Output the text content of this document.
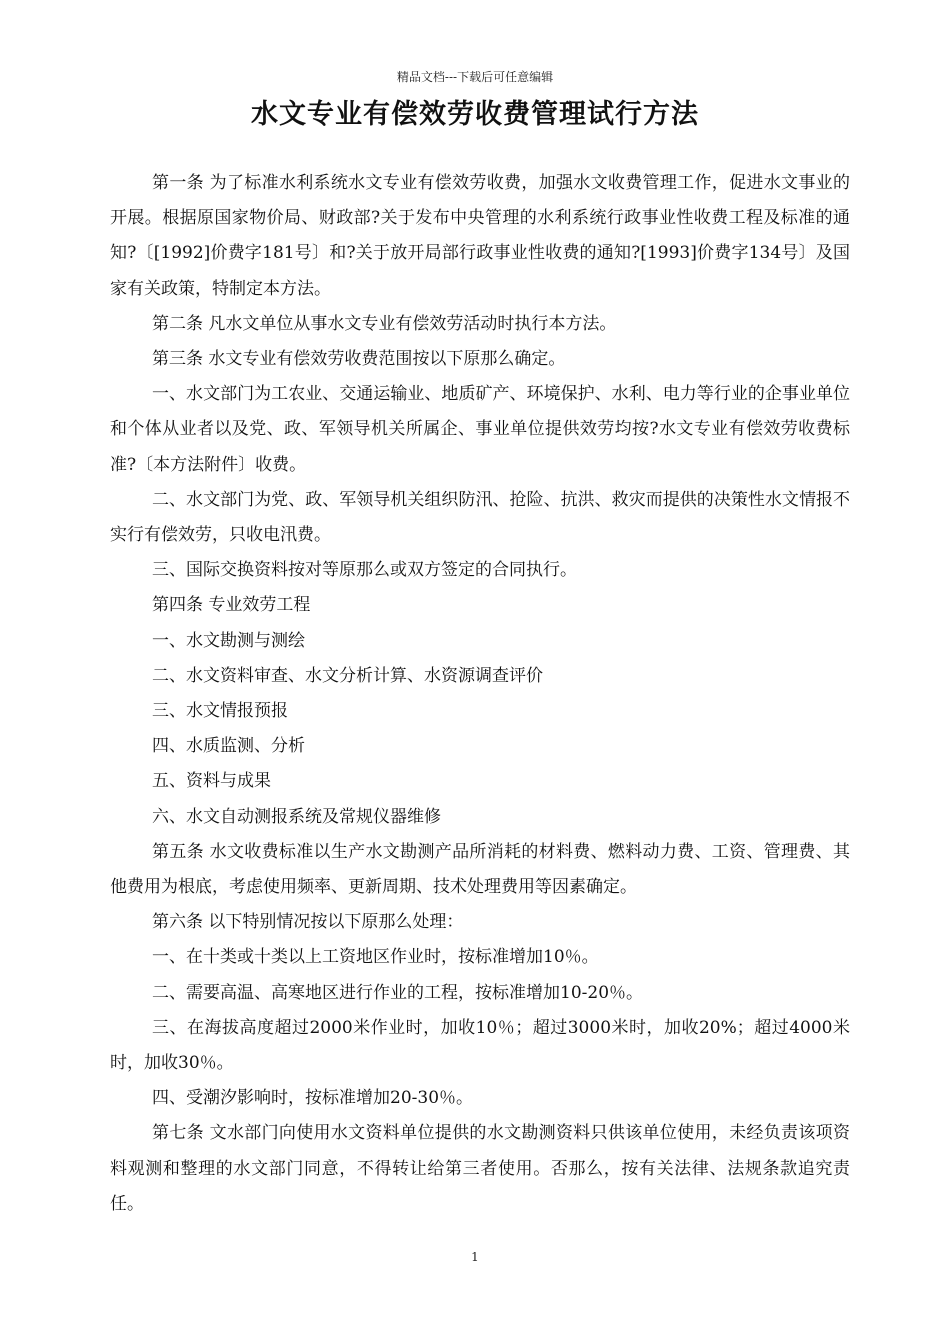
精品文档---下载后可任意编辑
水文专业有偿效劳收费管理试行方法

第一条 为了标准水利系统水文专业有偿效劳收费，加强水文收费管理工作，促进水文事业的开展。根据原国家物价局、财政部?关于发布中央管理的水利系统行政事业性收费工程及标准的通知?〔[1992]价费字181号〕和?关于放开局部行政事业性收费的通知?[1993]价费字134号〕及国家有关政策，特制定本方法。

第二条 凡水文单位从事水文专业有偿效劳活动时执行本方法。

第三条 水文专业有偿效劳收费范围按以下原那么确定。

一、水文部门为工农业、交通运输业、地质矿产、环境保护、水利、电力等行业的企事业单位和个体从业者以及党、政、军领导机关所属企、事业单位提供效劳均按?水文专业有偿效劳收费标准?〔本方法附件〕收费。

二、水文部门为党、政、军领导机关组织防汛、抢险、抗洪、救灾而提供的决策性水文情报不实行有偿效劳，只收电汛费。

三、国际交换资料按对等原那么或双方签定的合同执行。

第四条 专业效劳工程

一、水文勘测与测绘

二、水文资料审查、水文分析计算、水资源调查评价

三、水文情报预报

四、水质监测、分析

五、资料与成果

六、水文自动测报系统及常规仪器维修

第五条 水文收费标准以生产水文勘测产品所消耗的材料费、燃料动力费、工资、管理费、其他费用为根底，考虑使用频率、更新周期、技术处理费用等因素确定。

第六条 以下特别情况按以下原那么处理：

一、在十类或十类以上工资地区作业时，按标准增加10％。

二、需要高温、高寒地区进行作业的工程，按标准增加10-20％。

三、在海拔高度超过2000米作业时，加收10％；超过3000米时，加收20%；超过4000米时，加收30％。

四、受潮汐影响时，按标准增加20-30％。

第七条 文水部门向使用水文资料单位提供的水文勘测资料只供该单位使用，未经负责该项资料观测和整理的水文部门同意，不得转让给第三者使用。否那么，按有关法律、法规条款追究责任。

1
